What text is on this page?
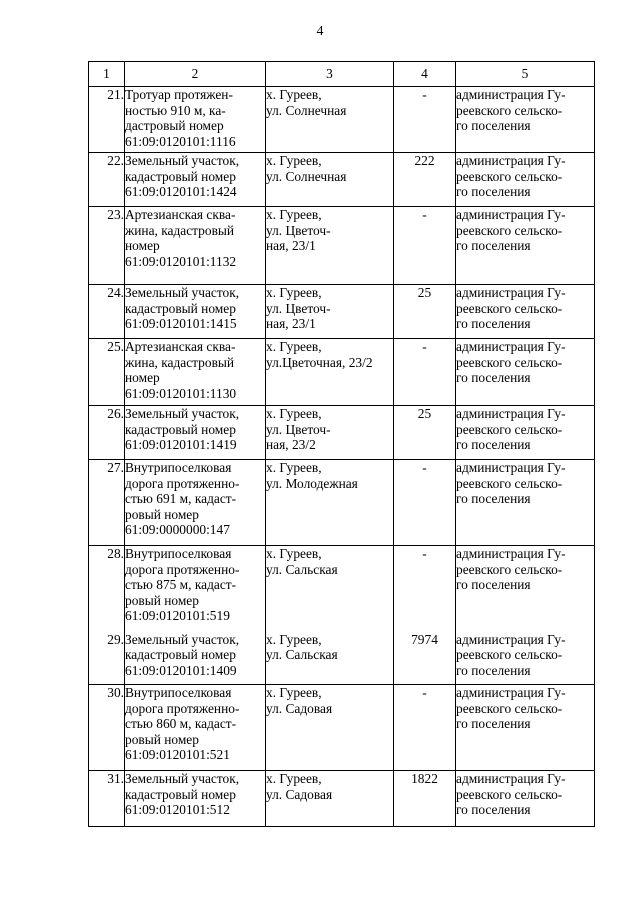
4
1	2	3	4	5
21.	Тротуар протяжен-
ностью 910 м, ка-
дастровый номер
61:09:0120101:1116	х. Гуреев,
ул. Солнечная	-	администрация Гу-
реевского сельско-
го поселения

22.	Земельный участок,
кадастровый номер
61:09:0120101:1424	х. Гуреев,
ул. Солнечная	222	администрация Гу-
реевского сельско-
го поселения

23.	Артезианская сква-
жина, кадастровый
номер
61:09:0120101:1132	х. Гуреев,
ул. Цветоч-
ная, 23/1	-	администрация Гу-
реевского сельско-
го поселения

24.	Земельный участок,
кадастровый номер
61:09:0120101:1415	х. Гуреев,
ул. Цветоч-
ная, 23/1	25	администрация Гу-
реевского сельско-
го поселения

25.	Артезианская сква-
жина, кадастровый
номер
61:09:0120101:1130	х. Гуреев,
ул.Цветочная, 23/2	-	администрация Гу-
реевского сельско-
го поселения

26.	Земельный участок,
кадастровый номер
61:09:0120101:1419	х. Гуреев,
ул. Цветоч-
ная, 23/2	25	администрация Гу-
реевского сельско-
го поселения

27.	Внутрипоселковая
дорога протяженно-
стью 691 м, кадаст-
ровый номер
61:09:0000000:147	х. Гуреев,
ул. Молодежная	-	администрация Гу-
реевского сельско-
го поселения

28.	Внутрипоселковая
дорога протяженно-
стью 875 м, кадаст-
ровый номер
61:09:0120101:519	х. Гуреев,
ул. Сальская	-	администрация Гу-
реевского сельско-
го поселения

29.	Земельный участок,
кадастровый номер
61:09:0120101:1409	х. Гуреев,
ул. Сальская	7974	администрация Гу-
реевского сельско-
го поселения

30.	Внутрипоселковая
дорога протяженно-
стью 860 м, кадаст-
ровый номер
61:09:0120101:521	х. Гуреев,
ул. Садовая	-	администрация Гу-
реевского сельско-
го поселения

31.	Земельный участок,
кадастровый номер
61:09:0120101:512	х. Гуреев,
ул. Садовая	1822	администрация Гу-
реевского сельско-
го поселения
